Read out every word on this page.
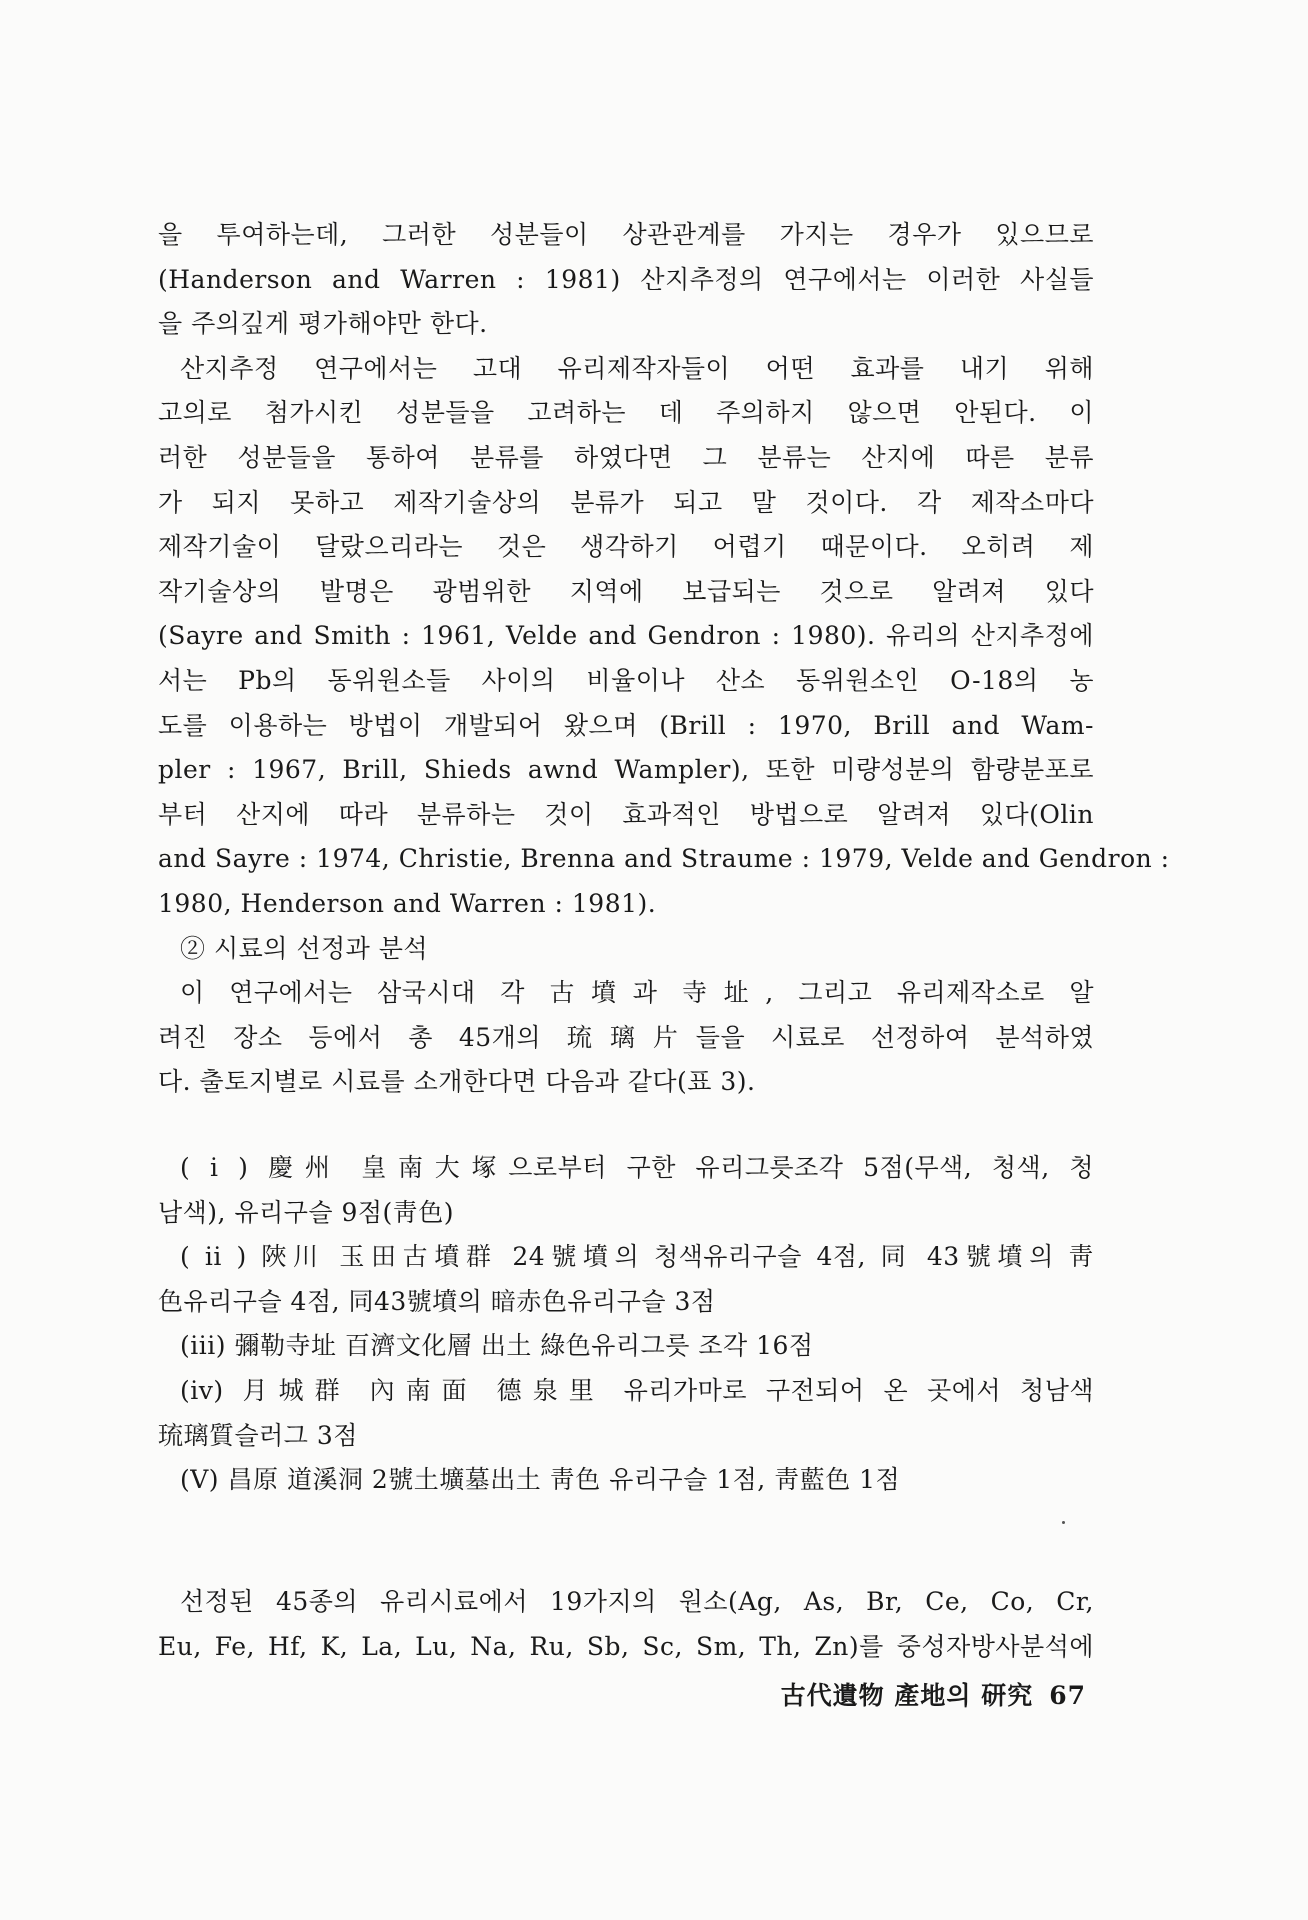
을 투여하는데, 그러한 성분들이 상관관계를 가지는 경우가 있으므로
(Handerson and Warren : 1981) 산지추정의 연구에서는 이러한 사실들
을 주의깊게 평가해야만 한다.
산지추정 연구에서는 고대 유리제작자들이 어떤 효과를 내기 위해
고의로 첨가시킨 성분들을 고려하는 데 주의하지 않으면 안된다. 이
러한 성분들을 통하여 분류를 하였다면 그 분류는 산지에 따른 분류
가 되지 못하고 제작기술상의 분류가 되고 말 것이다. 각 제작소마다
제작기술이 달랐으리라는 것은 생각하기 어렵기 때문이다. 오히려 제
작기술상의 발명은 광범위한 지역에 보급되는 것으로 알려져 있다
(Sayre and Smith : 1961, Velde and Gendron : 1980). 유리의 산지추정에
서는 Pb의 동위원소들 사이의 비율이나 산소 동위원소인 O-18의 농
도를 이용하는 방법이 개발되어 왔으며 (Brill : 1970, Brill and Wam-
pler : 1967, Brill, Shieds awnd Wampler), 또한 미량성분의 함량분포로
부터 산지에 따라 분류하는 것이 효과적인 방법으로 알려져 있다(Olin
and Sayre : 1974, Christie, Brenna and Straume : 1979, Velde and Gendron :
1980, Henderson and Warren : 1981).
② 시료의 선정과 분석
이 연구에서는 삼국시대 각 古墳과 寺址, 그리고 유리제작소로 알
려진 장소 등에서 총 45개의 琉璃片들을 시료로 선정하여 분석하였
다. 출토지별로 시료를 소개한다면 다음과 같다(표 3).
( i ) 慶州 皇南大塚으로부터 구한 유리그릇조각 5점(무색, 청색, 청
남색), 유리구슬 9점(靑色)
( ii ) 陜川 玉田古墳群 24號墳의 청색유리구슬 4점, 同 43號墳의 靑
色유리구슬 4점, 同43號墳의 暗赤色유리구슬 3점
(iii) 彌勒寺址 百濟文化層 出土 綠色유리그릇 조각 16점
(iv) 月城群 內南面 德泉里 유리가마로 구전되어 온 곳에서 청남색
琉璃質슬러그 3점
(V) 昌原 道溪洞 2號土壙墓出土 靑色 유리구슬 1점, 靑藍色 1점
선정된 45종의 유리시료에서 19가지의 원소(Ag, As, Br, Ce, Co, Cr,
Eu, Fe, Hf, K, La, Lu, Na, Ru, Sb, Sc, Sm, Th, Zn)를 중성자방사분석에
古代遺物 產地의 研究 67
